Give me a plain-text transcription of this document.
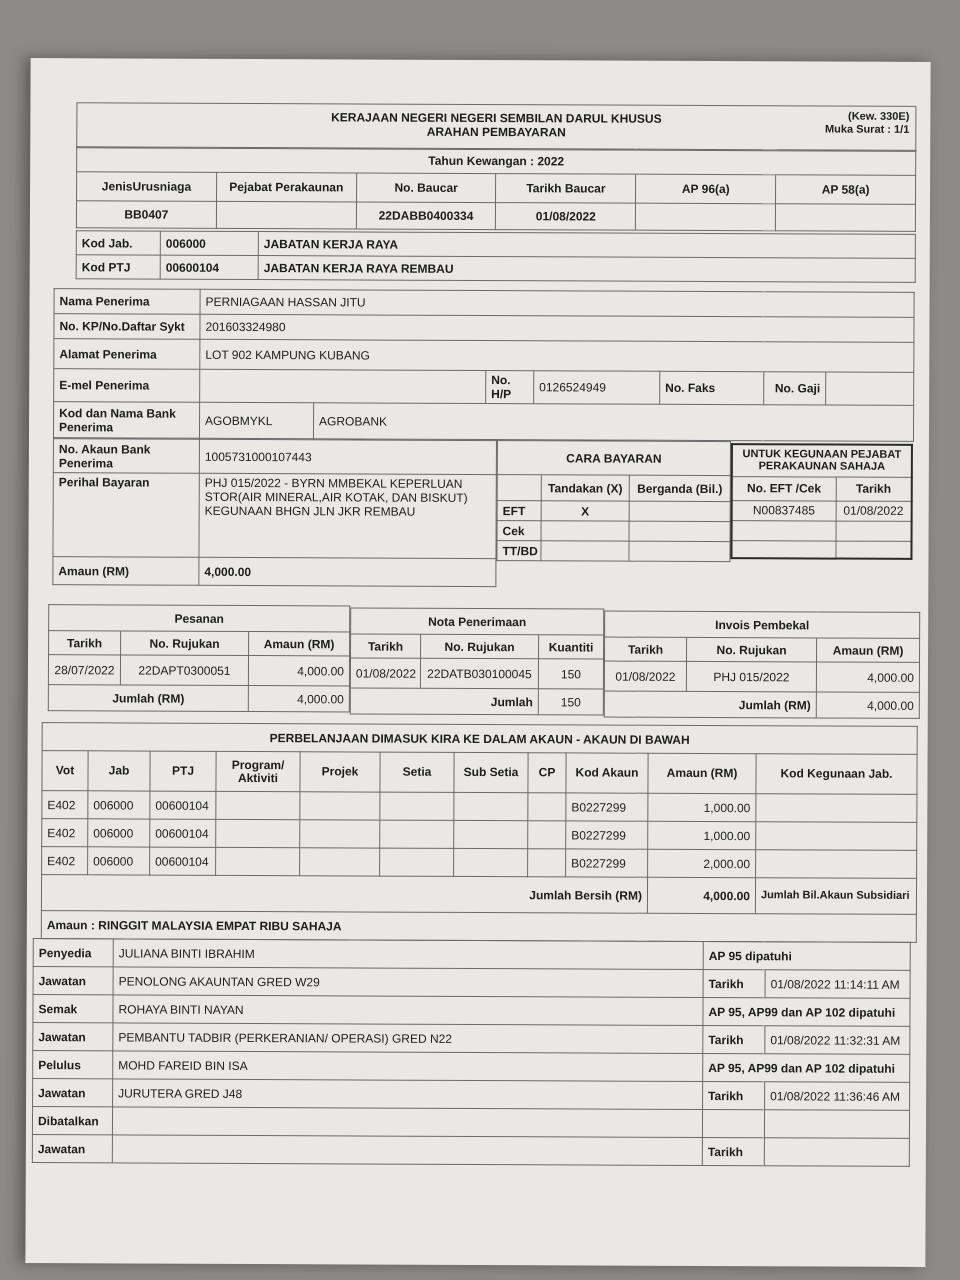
KERAJAAN NEGERI NEGERI SEMBILAN DARUL KHUSUS
ARAHAN PEMBAYARAN
(Kew. 330E)
Muka Surat : 1/1
Tahun Kewangan : 2022					
JenisUrusniaga	Pejabat Perakaunan	No. Baucar	Tarikh Baucar	AP 96(a)	AP 58(a)
BB0407		22DABB0400334	01/08/2022		
Kod Jab.	006000	JABATAN KERJA RAYA
Kod PTJ	00600104	JABATAN KERJA RAYA REMBAU
Nama Penerima	PERNIAGAAN HASSAN JITU						
No. KP/No.Daftar Sykt	201603324980						
Alamat Penerima	LOT 902 KAMPUNG KUBANG						
E-mel Penerima			No. H/P	0126524949	No. Faks	No. Gaji	
Kod dan Nama Bank Penerima	AGOBMYKL	AGROBANK					
No. Akaun Bank Penerima	1005731000107443
Perihal Bayaran	PHJ 015/2022 - BYRN MMBEKAL KEPERLUAN STOR(AIR MINERAL,AIR KOTAK, DAN BISKUT) KEGUNAAN BHGN JLN JKR REMBAU
Amaun (RM)	4,000.00
CARA BAYARAN		
	Tandakan (X)	Berganda (Bil.)
EFT	X	
Cek		
TT/BD		
UNTUK KEGUNAAN PEJABAT PERAKAUNAN SAHAJA	
No. EFT /Cek	Tarikh
N00837485	01/08/2022

Pesanan		
Tarikh	No. Rujukan	Amaun (RM)
28/07/2022	22DAPT0300051	4,000.00
Jumlah (RM)		4,000.00
Nota Penerimaan		
Tarikh	No. Rujukan	Kuantiti
01/08/2022	22DATB030100045	150
Jumlah		150
Invois Pembekal		
Tarikh	No. Rujukan	Amaun (RM)
01/08/2022	PHJ 015/2022	4,000.00
Jumlah (RM)		4,000.00
PERBELANJAAN DIMASUK KIRA KE DALAM AKAUN - AKAUN DI BAWAH										
Vot	Jab	PTJ	Program/ Aktiviti	Projek	Setia	Sub Setia	CP	Kod Akaun	Amaun (RM)	Kod Kegunaan Jab.
E402	006000	00600104						B0227299	1,000.00	
E402	006000	00600104						B0227299	1,000.00	
E402	006000	00600104						B0227299	2,000.00	
Jumlah Bersih (RM)									4,000.00	Jumlah Bil.Akaun Subsidiari
Amaun : RINGGIT MALAYSIA EMPAT RIBU SAHAJA										
Penyedia	JULIANA BINTI IBRAHIM	AP 95 dipatuhi	
Jawatan	PENOLONG AKAUNTAN GRED W29	Tarikh	01/08/2022 11:14:11 AM
Semak	ROHAYA BINTI NAYAN	AP 95, AP99 dan AP 102 dipatuhi	
Jawatan	PEMBANTU TADBIR (PERKERANIAN/ OPERASI) GRED N22	Tarikh	01/08/2022 11:32:31 AM
Pelulus	MOHD FAREID BIN ISA	AP 95, AP99 dan AP 102 dipatuhi	
Jawatan	JURUTERA GRED J48	Tarikh	01/08/2022 11:36:46 AM
Dibatalkan			
Jawatan		Tarikh	
